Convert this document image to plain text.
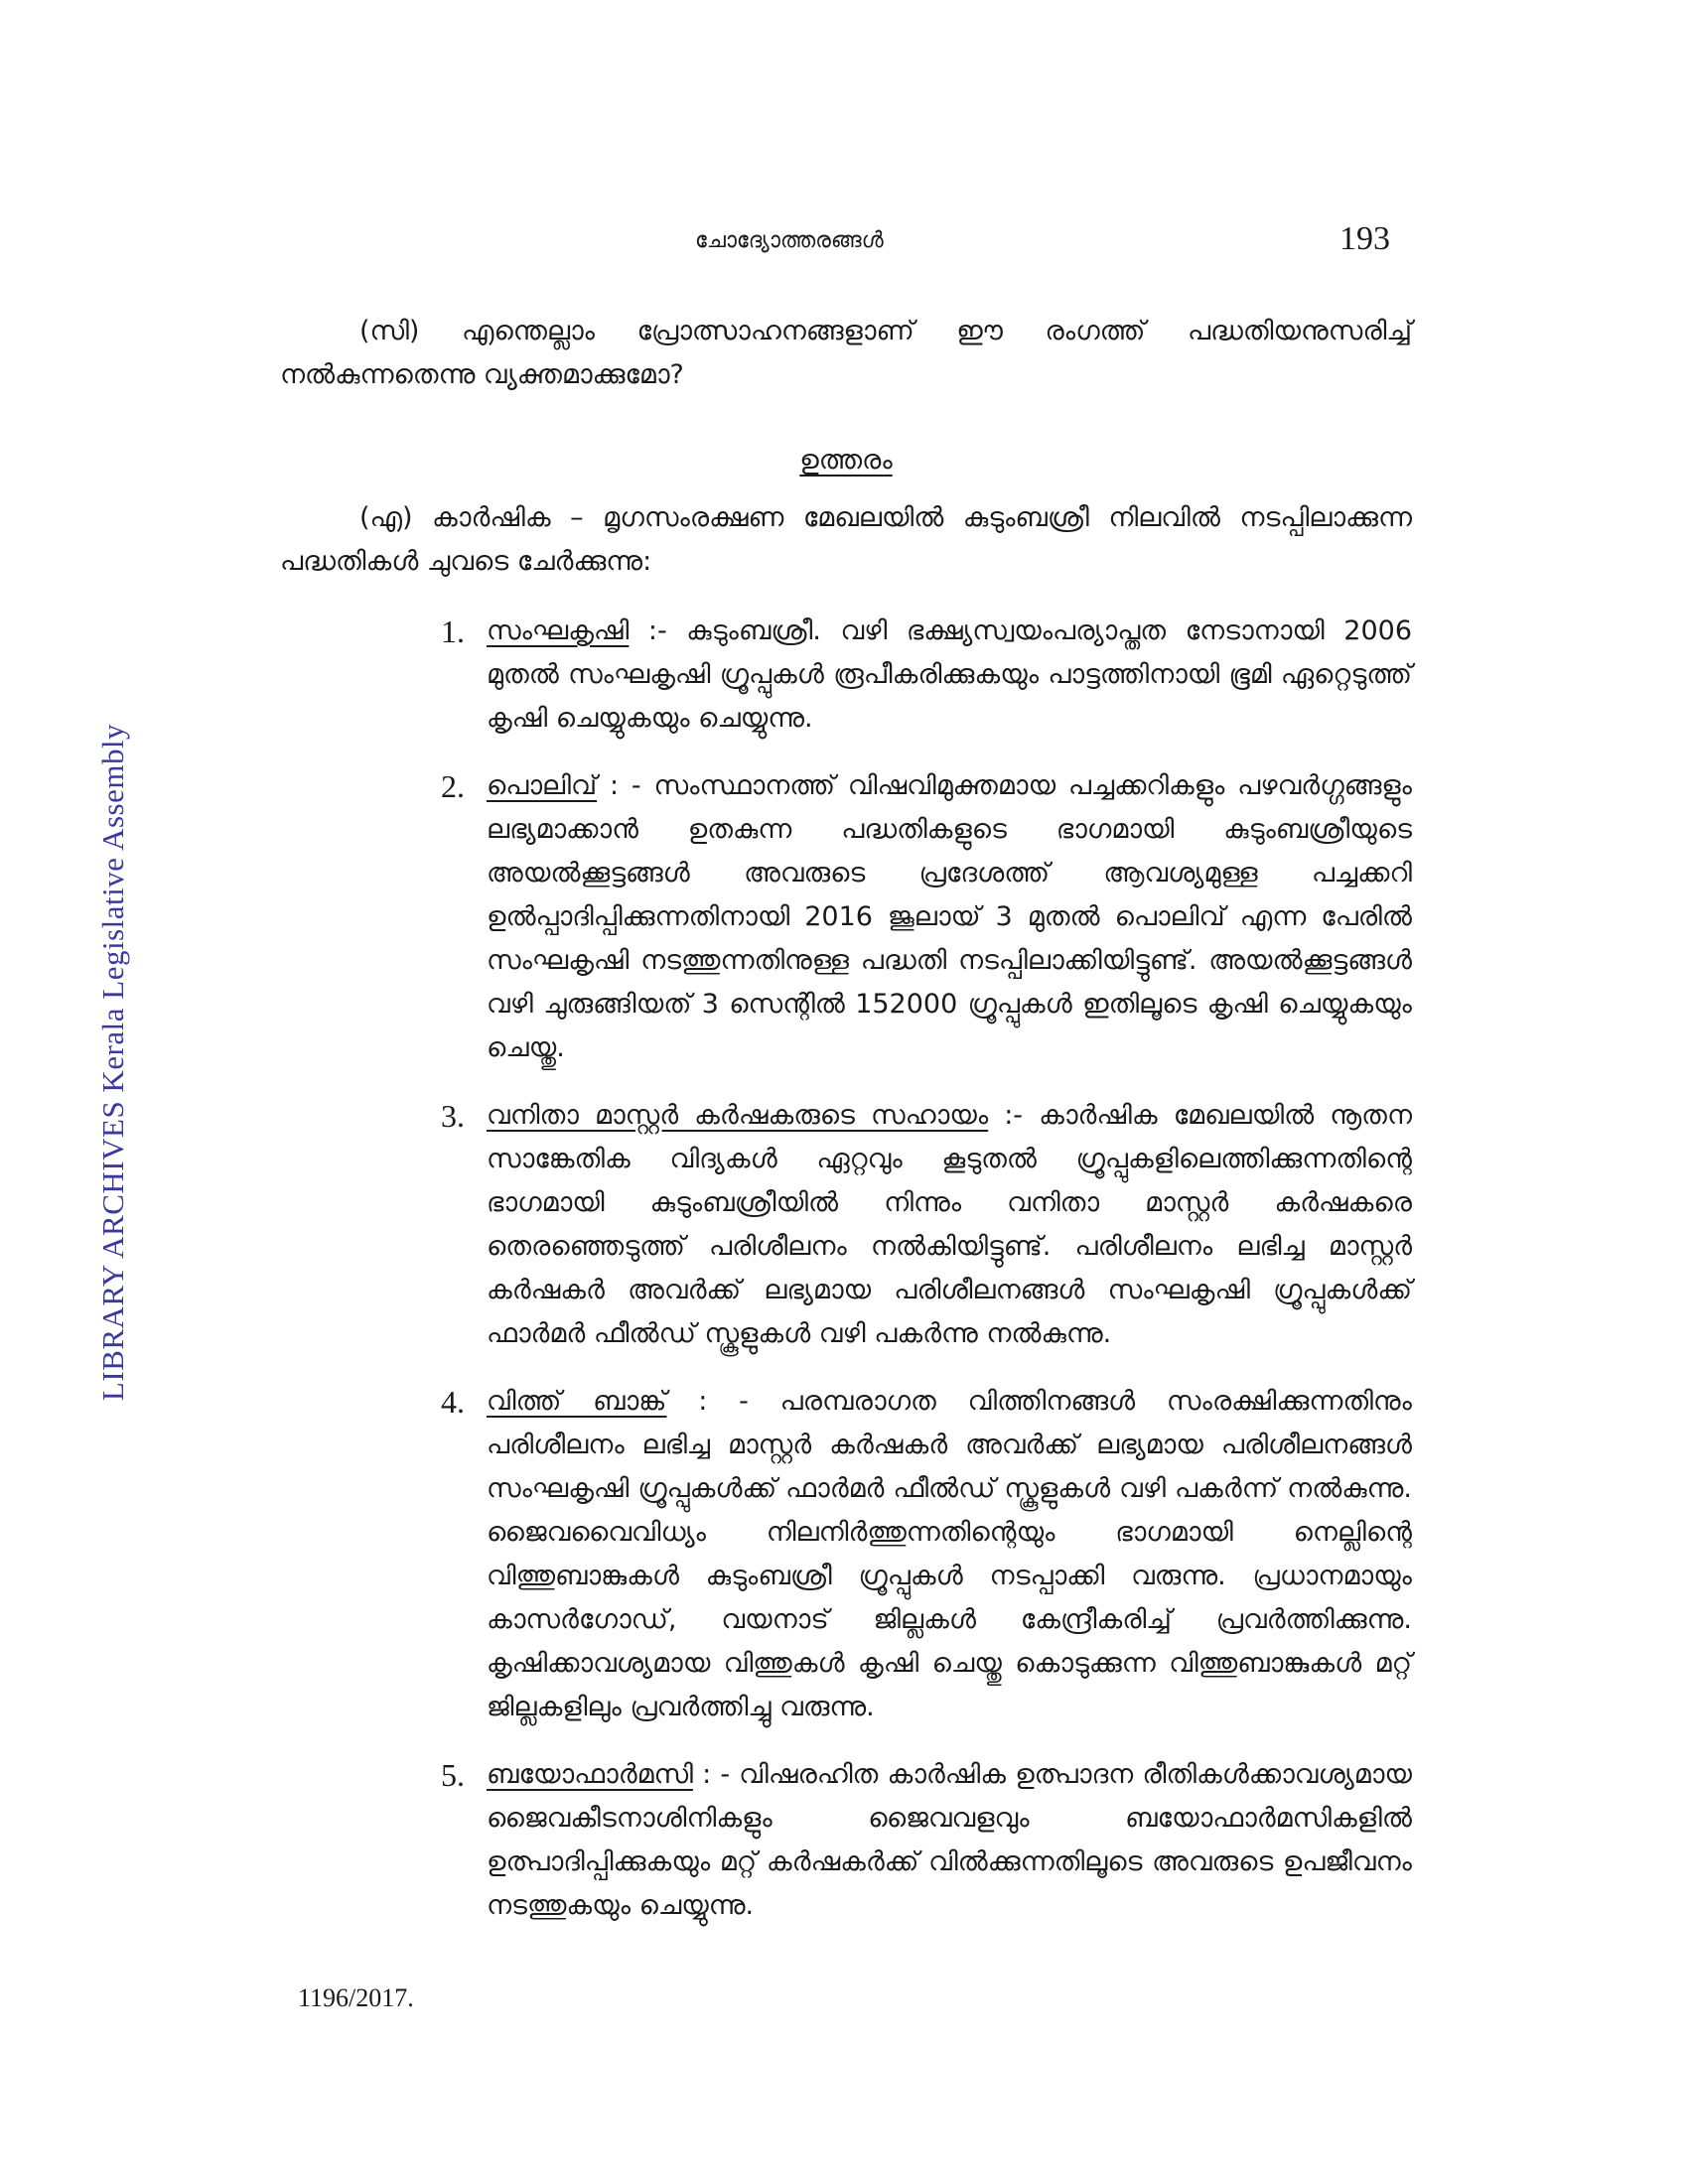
ചോദ്യോത്തരങ്ങൾ	193
LIBRARY ARCHIVES Kerala Legislative Assembly

(സി) എന്തെല്ലാം പ്രോത്സാഹനങ്ങളാണ് ഈ രംഗത്ത് പദ്ധതിയനുസരിച്ച് നൽകുന്നതെന്നു വ്യക്തമാക്കുമോ?

ഉത്തരം

(എ) കാർഷിക – മൃഗസംരക്ഷണ മേഖലയിൽ കുടുംബശ്രീ നിലവിൽ നടപ്പിലാക്കുന്ന പദ്ധതികൾ ചുവടെ ചേർക്കുന്നു:

1. സംഘകൃഷി :- കുടുംബശ്രീ. വഴി ഭക്ഷ്യസ്വയംപര്യാപ്തത നേടാനായി 2006 മുതൽ സംഘകൃഷി ഗ്രൂപ്പുകൾ രൂപീകരിക്കുകയും പാട്ടത്തിനായി ഭൂമി ഏറ്റെടുത്ത് കൃഷി ചെയ്യുകയും ചെയ്യുന്നു.
2. പൊലിവ് : - സംസ്ഥാനത്ത് വിഷവിമുക്തമായ പച്ചക്കറികളും പഴവർഗ്ഗങ്ങളും ലഭ്യമാക്കാൻ ഉതകുന്ന പദ്ധതികളുടെ ഭാഗമായി കുടുംബശ്രീയുടെ അയൽക്കൂട്ടങ്ങൾ അവരുടെ പ്രദേശത്ത് ആവശ്യമുള്ള പച്ചക്കറി ഉൽപ്പാദിപ്പിക്കുന്നതിനായി 2016 ജൂലായ് 3 മുതൽ പൊലിവ് എന്ന പേരിൽ സംഘകൃഷി നടത്തുന്നതിനുള്ള പദ്ധതി നടപ്പിലാക്കിയിട്ടുണ്ട്. അയൽക്കൂട്ടങ്ങൾ വഴി ചുരുങ്ങിയത് 3 സെന്റിൽ 152000 ഗ്രൂപ്പുകൾ ഇതിലൂടെ കൃഷി ചെയ്യുകയും ചെയ്തു.
3. വനിതാ മാസ്റ്റർ കർഷകരുടെ സഹായം :- കാർഷിക മേഖലയിൽ നൂതന സാങ്കേതിക വിദ്യകൾ ഏറ്റവും കൂടുതൽ ഗ്രൂപ്പുകളിലെത്തിക്കുന്നതിന്റെ ഭാഗമായി കുടുംബശ്രീയിൽ നിന്നും വനിതാ മാസ്റ്റർ കർഷകരെ തെരഞ്ഞെടുത്ത് പരിശീലനം നൽകിയിട്ടുണ്ട്. പരിശീലനം ലഭിച്ച മാസ്റ്റർ കർഷകർ അവർക്ക് ലഭ്യമായ പരിശീലനങ്ങൾ സംഘകൃഷി ഗ്രൂപ്പുകൾക്ക് ഫാർമർ ഫീൽഡ് സ്കൂളുകൾ വഴി പകർന്നു നൽകുന്നു.
4. വിത്ത് ബാങ്ക് : - പരമ്പരാഗത വിത്തിനങ്ങൾ സംരക്ഷിക്കുന്നതിനും പരിശീലനം ലഭിച്ച മാസ്റ്റർ കർഷകർ അവർക്ക് ലഭ്യമായ പരിശീലനങ്ങൾ സംഘകൃഷി ഗ്രൂപ്പുകൾക്ക് ഫാർമർ ഫീൽഡ് സ്കൂളുകൾ വഴി പകർന്ന് നൽകുന്നു. ജൈവവൈവിധ്യം നിലനിർത്തുന്നതിന്റെയും ഭാഗമായി നെല്ലിന്റെ വിത്തുബാങ്കുകൾ കുടുംബശ്രീ ഗ്രൂപ്പുകൾ നടപ്പാക്കി വരുന്നു. പ്രധാനമായും കാസർഗോഡ്, വയനാട് ജില്ലകൾ കേന്ദ്രീകരിച്ച് പ്രവർത്തിക്കുന്നു. കൃഷിക്കാവശ്യമായ വിത്തുകൾ കൃഷി ചെയ്തു കൊടുക്കുന്ന വിത്തുബാങ്കുകൾ മറ്റ് ജില്ലകളിലും പ്രവർത്തിച്ചു വരുന്നു.
5. ബയോഫാർമസി : - വിഷരഹിത കാർഷിക ഉത്പാദന രീതികൾക്കാവശ്യമായ ജൈവകീടനാശിനികളും ജൈവവളവും ബയോഫാർമസികളിൽ ഉത്പാദിപ്പിക്കുകയും മറ്റ് കർഷകർക്ക് വിൽക്കുന്നതിലൂടെ അവരുടെ ഉപജീവനം നടത്തുകയും ചെയ്യുന്നു.
1196/2017.
